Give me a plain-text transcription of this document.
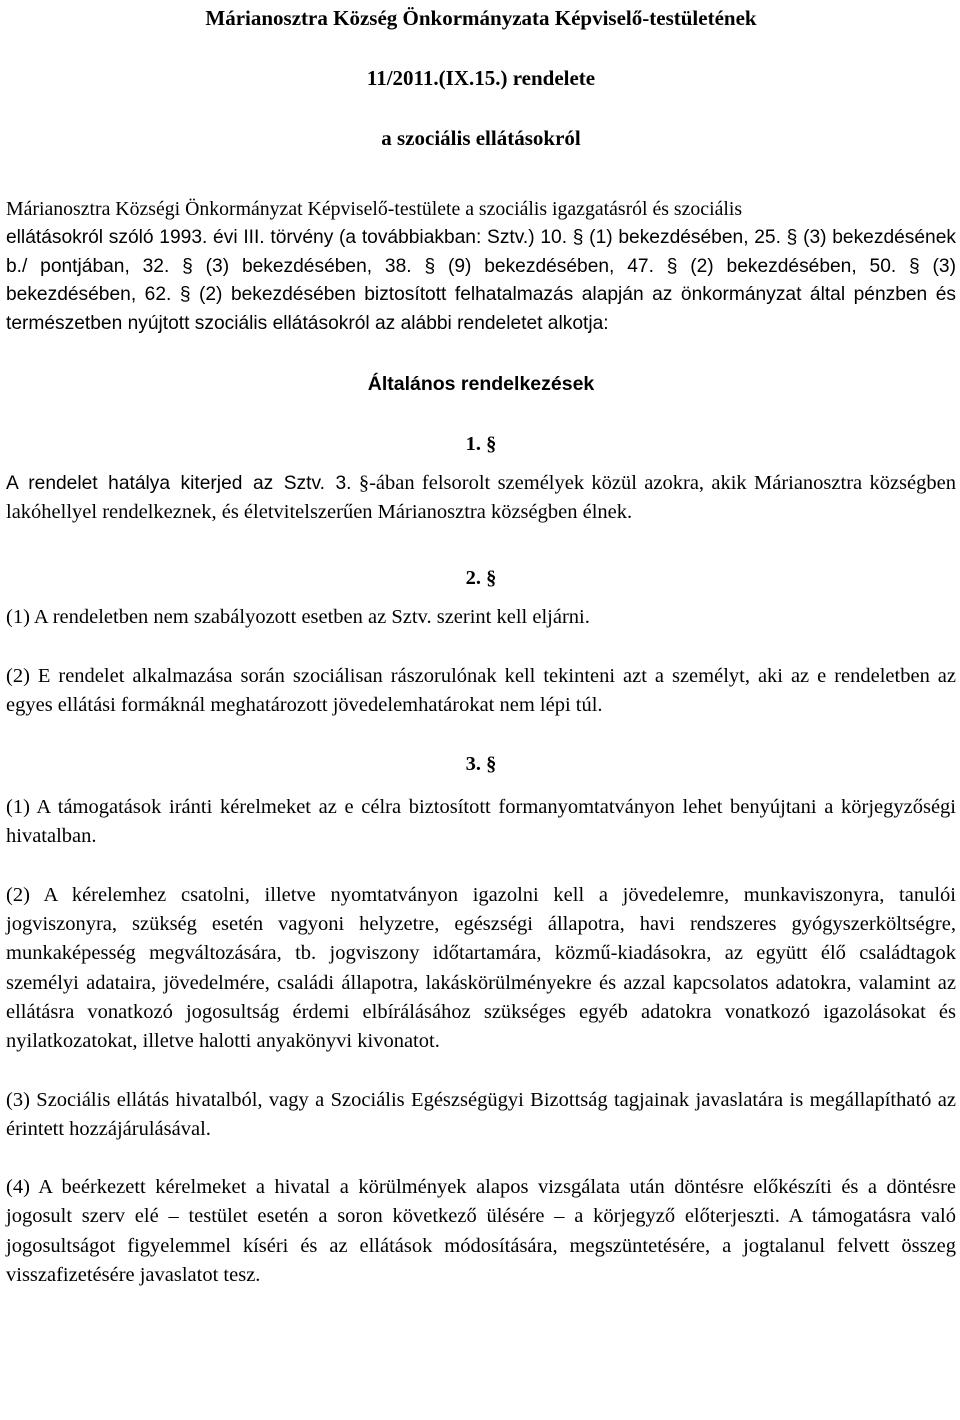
Márianosztra Község Önkormányzata Képviselő-testületének

11/2011.(IX.15.) rendelete

a szociális ellátásokról

Márianosztra Községi Önkormányzat Képviselő-testülete a szociális igazgatásról és szociális

ellátásokról szóló 1993. évi III. törvény (a továbbiakban: Sztv.) 10. § (1) bekezdésében, 25. § (3) bekezdésének b./ pontjában, 32. § (3) bekezdésében, 38. § (9) bekezdésében, 47. § (2) bekezdésében, 50. § (3) bekezdésében, 62. § (2) bekezdésében biztosított felhatalmazás alapján az önkormányzat által pénzben és természetben nyújtott szociális ellátásokról az alábbi rendeletet alkotja:

Általános rendelkezések

1. §

A rendelet hatálya kiterjed az Sztv. 3. §-ában felsorolt személyek közül azokra, akik Márianosztra községben lakóhellyel rendelkeznek, és életvitelszerűen Márianosztra községben élnek.

2. §

(1) A rendeletben nem szabályozott esetben az Sztv. szerint kell eljárni.

(2) E rendelet alkalmazása során szociálisan rászorulónak kell tekinteni azt a személyt, aki az e rendeletben az egyes ellátási formáknál meghatározott jövedelemhatárokat nem lépi túl.

3. §

(1) A támogatások iránti kérelmeket az e célra biztosított formanyomtatványon lehet benyújtani a körjegyzőségi hivatalban.

(2) A kérelemhez csatolni, illetve nyomtatványon igazolni kell a jövedelemre, munkaviszonyra, tanulói jogviszonyra, szükség esetén vagyoni helyzetre, egészségi állapotra, havi rendszeres gyógyszerköltségre, munkaképesség megváltozására, tb. jogviszony időtartamára, közmű-kiadásokra, az együtt élő családtagok személyi adataira, jövedelmére, családi állapotra, lakáskörülményekre és azzal kapcsolatos adatokra, valamint az ellátásra vonatkozó jogosultság érdemi elbírálásához szükséges egyéb adatokra vonatkozó igazolásokat és nyilatkozatokat, illetve halotti anyakönyvi kivonatot.

(3) Szociális ellátás hivatalból, vagy a Szociális Egészségügyi Bizottság tagjainak javaslatára is megállapítható az érintett hozzájárulásával.

(4) A beérkezett kérelmeket a hivatal a körülmények alapos vizsgálata után döntésre előkészíti és a döntésre jogosult szerv elé – testület esetén a soron következő ülésére – a körjegyző előterjeszti. A támogatásra való jogosultságot figyelemmel kíséri és az ellátások módosítására, megszüntetésére, a jogtalanul felvett összeg visszafizetésére javaslatot tesz.
